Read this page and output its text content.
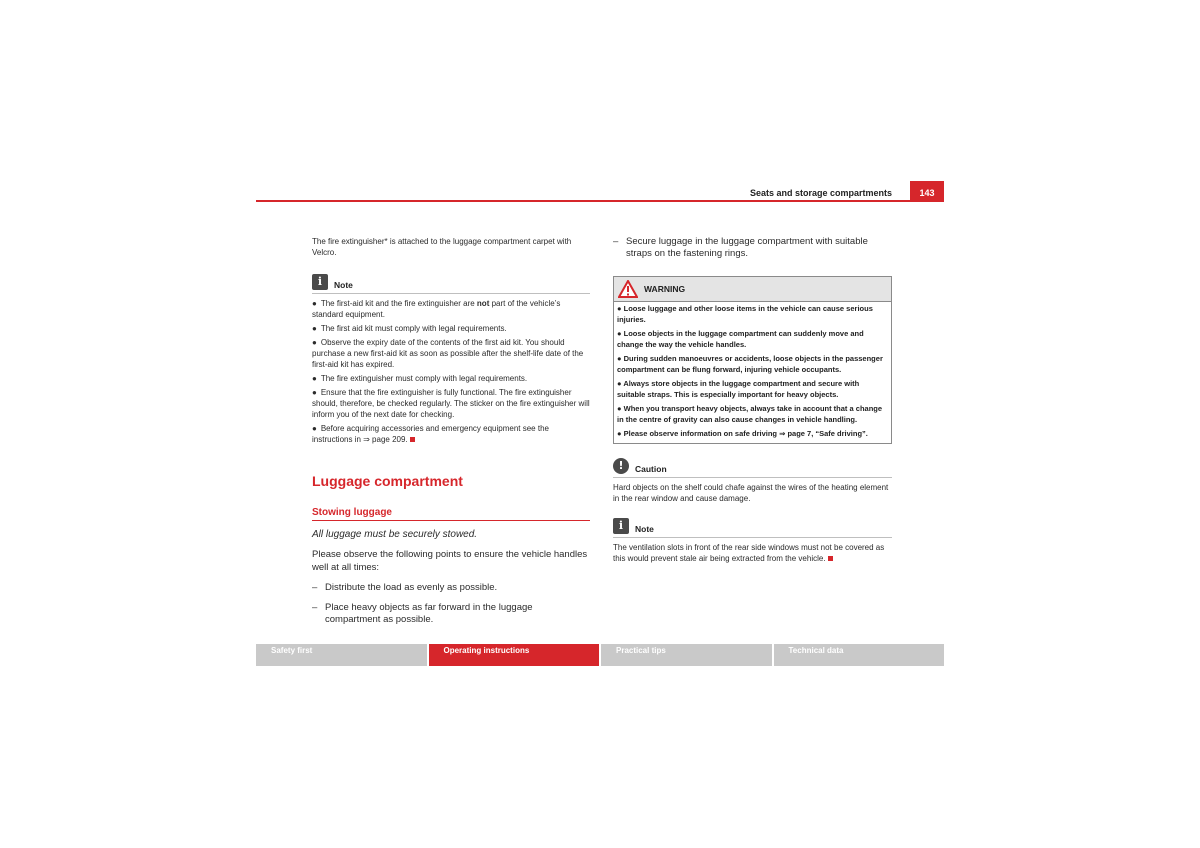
Seats and storage compartments	143

The fire extinguisher* is attached to the luggage compartment carpet with Velcro.

i	Note
● The first-aid kit and the fire extinguisher are not part of the vehicle’s standard equipment.
● The first aid kit must comply with legal requirements.
● Observe the expiry date of the contents of the first aid kit. You should purchase a new first-aid kit as soon as possible after the shelf-life date of the first-aid kit has expired.
● The fire extinguisher must comply with legal requirements.
● Ensure that the fire extinguisher is fully functional. The fire extinguisher should, therefore, be checked regularly. The sticker on the fire extinguisher will inform you of the next date for checking.
● Before acquiring accessories and emergency equipment see the instructions in ⇒ page 209.
Luggage compartment
Stowing luggage

All luggage must be securely stowed.

Please observe the following points to ensure the vehicle handles well at all times:

– Distribute the load as evenly as possible.
– Place heavy objects as far forward in the luggage compartment as possible.
– Secure luggage in the luggage compartment with suitable straps on the fastening rings.
WARNING
● Loose luggage and other loose items in the vehicle can cause serious injuries.
● Loose objects in the luggage compartment can suddenly move and change the way the vehicle handles.
● During sudden manoeuvres or accidents, loose objects in the passenger compartment can be flung forward, injuring vehicle occupants.
● Always store objects in the luggage compartment and secure with suitable straps. This is especially important for heavy objects.
● When you transport heavy objects, always take in account that a change in the centre of gravity can also cause changes in vehicle handling.
● Please observe information on safe driving ⇒ page 7, “Safe driving”.
!	Caution

Hard objects on the shelf could chafe against the wires of the heating element in the rear window and cause damage.

i	Note

The ventilation slots in front of the rear side windows must not be covered as this would prevent stale air being extracted from the vehicle.

Safety first	Operating instructions	Practical tips	Technical data
